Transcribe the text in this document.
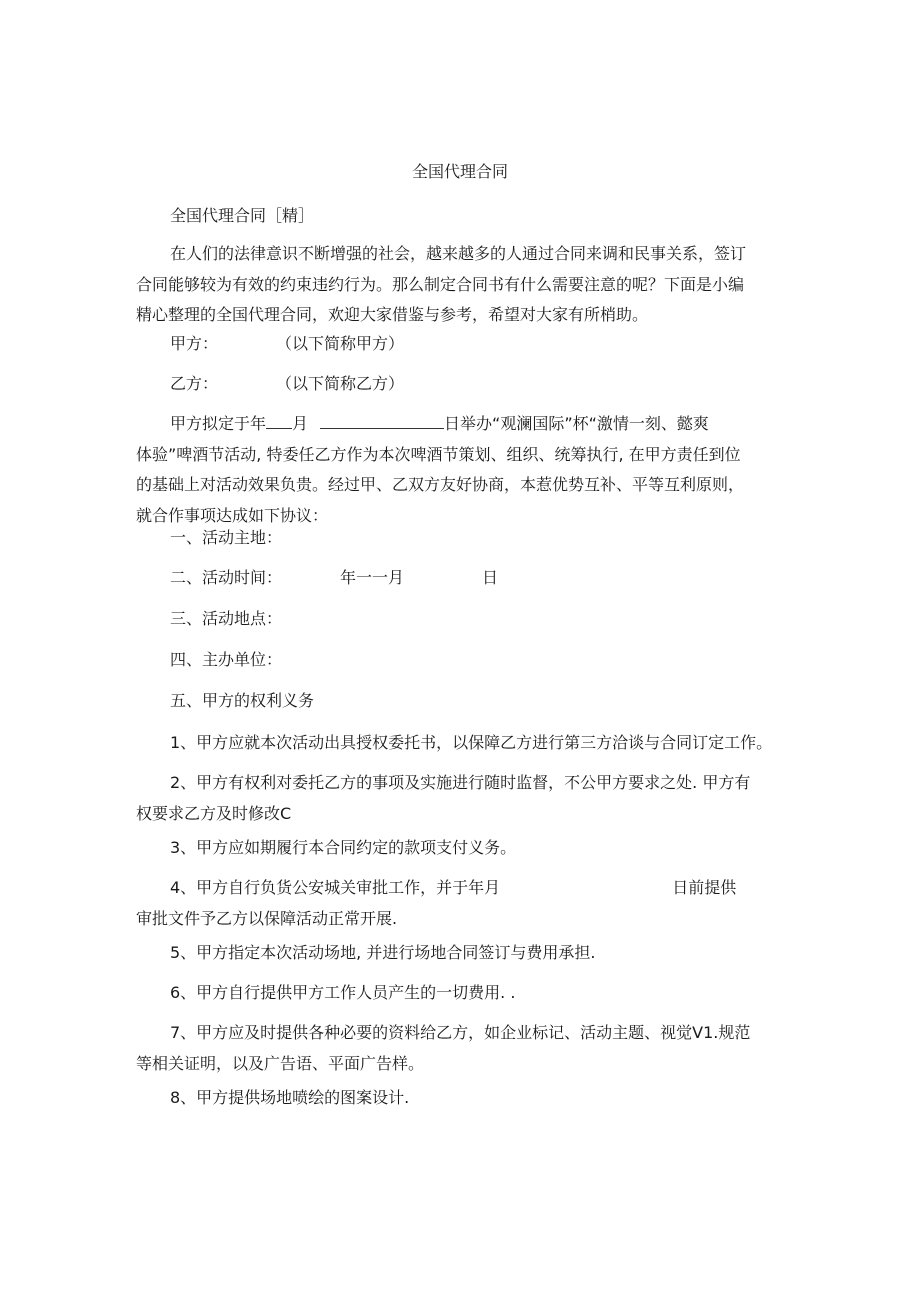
全国代理合同

全国代理合同［精］

在人们的法律意识不断增强的社会，越来越多的人通过合同来调和民事关系，签订
合同能够较为有效的约束违约行为。那么制定合同书有什么需要注意的呢？下面是小编
精心整理的全国代理合同，欢迎大家借鉴与参考，希望对大家有所梢助。

甲方：	（以下简称甲方）

乙方：	（以下简称乙方）

甲方拟定于年 月	日举办“观澜国际”杯“激情一刻、懿爽
体验”啤酒节活动, 特委任乙方作为本次啤酒节策划、组织、统筹执行, 在甲方责任到位
的基础上对活动效果负贵。经过甲、乙双方友好协商，本惹优势互补、平等互利原则，
就合作事项达成如下协议：

一、活动主地：

二、活动时间：	年一一月	日

三、活动地点：

四、主办单位：

五、甲方的权利义务

1、甲方应就本次活动出具授权委托书，以保障乙方进行第三方洽谈与合同订定工作。

2、甲方有权利对委托乙方的事项及实施进行随时监督，不公甲方要求之处. 甲方有
权要求乙方及时修改C

3、甲方应如期履行本合同约定的款项支付义务。

4、甲方自行负货公安城关审批工作，并于年月	日前提供
审批文件予乙方以保障活动正常开展.

5、甲方指定本次活动场地, 并进行场地合同签订与费用承担.

6、甲方自行提供甲方工作人员产生的一切费用. .

7、甲方应及时提供各种必要的资料给乙方，如企业标记、活动主题、视觉V1.规范
等相关证明，以及广告语、平面广告样。

8、甲方提供场地喷绘的图案设计.
